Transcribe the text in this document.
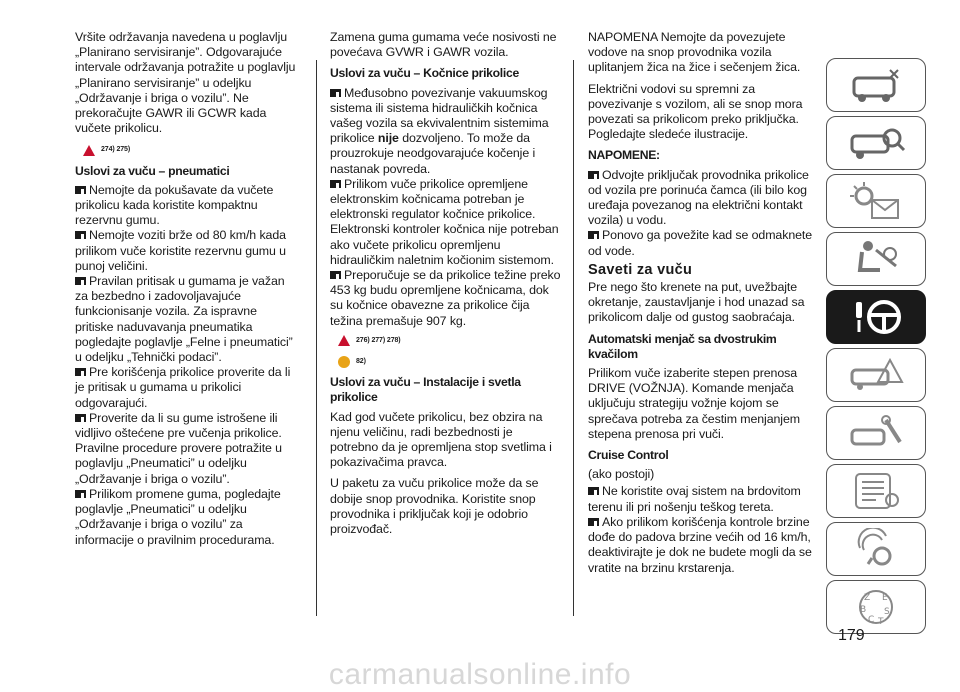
Vršite održavanja navedena u poglavlju „Planirano servisiranje”. Odgovarajuće intervale održavanja potražite u poglavlju „Planirano servisiranje” u odeljku „Održavanje i briga o vozilu”. Ne prekoračujte GAWR ili GCWR kada vučete prikolicu.

274) 275)
Uslovi za vuču – pneumatici
Nemojte da pokušavate da vučete prikolicu kada koristite kompaktnu rezervnu gumu.
Nemojte voziti brže od 80 km/h kada prilikom vuče koristite rezervnu gumu u punoj veličini.
Pravilan pritisak u gumama je važan za bezbedno i zadovoljavajuće funkcionisanje vozila. Za ispravne pritiske naduvavanja pneumatika pogledajte poglavlje „Felne i pneumatici” u odeljku „Tehnički podaci”.
Pre korišćenja prikolice proverite da li je pritisak u gumama u prikolici odgovarajući.
Proverite da li su gume istrošene ili vidljivo oštećene pre vučenja prikolice. Pravilne procedure provere potražite u poglavlju „Pneumatici” u odeljku „Održavanje i briga o vozilu”.
Prilikom promene guma, pogledajte poglavlje „Pneumatici” u odeljku „Održavanje i briga o vozilu” za informacije o pravilnim procedurama.

Zamena guma gumama veće nosivosti ne povećava GVWR i GAWR vozila.

Uslovi za vuču – Kočnice prikolice
Međusobno povezivanje vakuumskog sistema ili sistema hidrauličkih kočnica vašeg vozila sa ekvivalentnim sistemima prikolice nije dozvoljeno. To može da prouzrokuje neodgovarajuće kočenje i nastanak povreda.
Prilikom vuče prikolice opremljene elektronskim kočnicama potreban je elektronski regulator kočnice prikolice. Elektronski kontroler kočnica nije potreban ako vučete prikolicu opremljenu hidrauličkim naletnim kočionim sistemom.
Preporučuje se da prikolice težine preko 453 kg budu opremljene kočnicama, dok su kočnice obavezne za prikolice čija težina premašuje 907 kg.
276) 277) 278)
82)
Uslovi za vuču – Instalacije i svetla prikolice

Kad god vučete prikolicu, bez obzira na njenu veličinu, radi bezbednosti je potrebno da je opremljena stop svetlima i pokazivačima pravca.

U paketu za vuču prikolice može da se dobije snop provodnika. Koristite snop provodnika i priključak koji je odobrio proizvođač.

NAPOMENA Nemojte da povezujete vodove na snop provodnika vozila uplitanjem žica na žice i sečenjem žica.

Električni vodovi su spremni za povezivanje s vozilom, ali se snop mora povezati sa prikolicom preko priključka. Pogledajte sledeće ilustracije.

NAPOMENE:
Odvojte priključak provodnika prikolice od vozila pre porinuća čamca (ili bilo kog uređaja povezanog na električni kontakt vozila) u vodu.
Ponovo ga povežite kad se odmaknete od vode.
Saveti za vuču

Pre nego što krenete na put, uvežbajte okretanje, zaustavljanje i hod unazad sa prikolicom dalje od gustog saobraćaja.

Automatski menjač sa dvostrukim kvačilom

Prilikom vuče izaberite stepen prenosa DRIVE (VOŽNJA). Komande menjača uključuju strategiju vožnje kojom se sprečava potreba za čestim menjanjem stepena prenosa pri vuči.

Cruise Control

(ako postoji)

Ne koristite ovaj sistem na brdovitom terenu ili pri nošenju teškog tereta.
Ako prilikom korišćenja kontrole brzine dođe do padova brzine većih od 16 km/h, deaktivirajte je dok ne budete mogli da se vratite na brzinu krstarenja.
Z E
B S
C T
179
carmanualsonline.info
